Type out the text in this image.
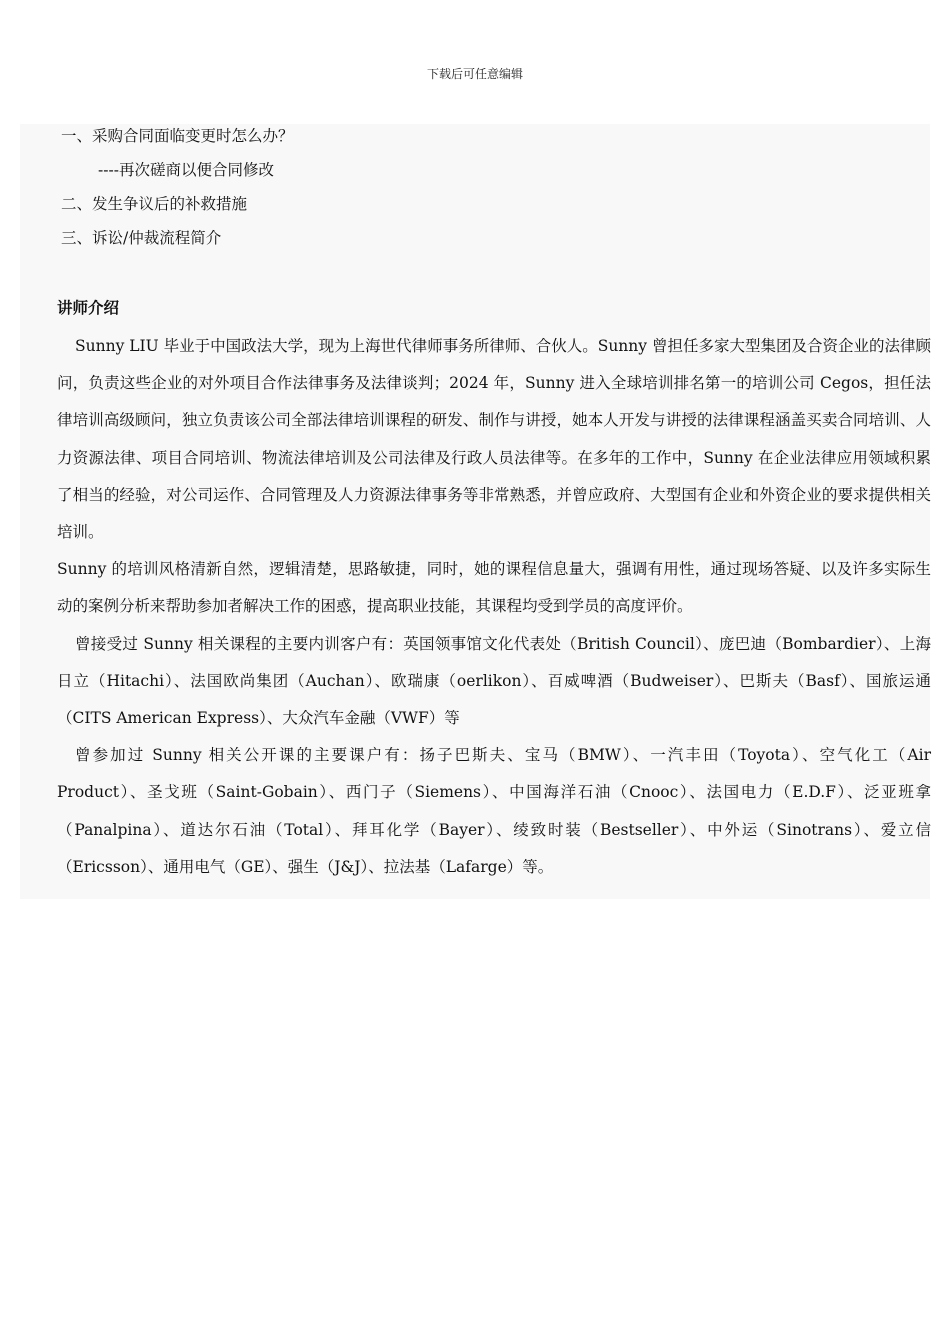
下载后可任意编辑
一、采购合同面临变更时怎么办？
----再次磋商以便合同修改
二、发生争议后的补救措施
三、诉讼/仲裁流程简介
讲师介绍

Sunny LIU 毕业于中国政法大学，现为上海世代律师事务所律师、合伙人。Sunny 曾担任多家大型集团及合资企业的法律顾问，负责这些企业的对外项目合作法律事务及法律谈判；2024 年，Sunny 进入全球培训排名第一的培训公司 Cegos，担任法律培训高级顾问，独立负责该公司全部法律培训课程的研发、制作与讲授，她本人开发与讲授的法律课程涵盖买卖合同培训、人力资源法律、项目合同培训、物流法律培训及公司法律及行政人员法律等。在多年的工作中，Sunny 在企业法律应用领域积累了相当的经验，对公司运作、合同管理及人力资源法律事务等非常熟悉，并曾应政府、大型国有企业和外资企业的要求提供相关培训。

Sunny 的培训风格清新自然，逻辑清楚，思路敏捷，同时，她的课程信息量大，强调有用性，通过现场答疑、以及许多实际生动的案例分析来帮助参加者解决工作的困惑，提高职业技能，其课程均受到学员的高度评价。

曾接受过 Sunny 相关课程的主要内训客户有：英国领事馆文化代表处（British Council）、庞巴迪（Bombardier）、上海日立（Hitachi）、法国欧尚集团（Auchan）、欧瑞康（oerlikon）、百威啤酒（Budweiser）、巴斯夫（Basf）、国旅运通（CITS American Express）、大众汽车金融（VWF）等

曾参加过 Sunny 相关公开课的主要课户有：扬子巴斯夫、宝马（BMW）、一汽丰田（Toyota）、空气化工（Air Product）、圣戈班（Saint-Gobain）、西门子（Siemens）、中国海洋石油（Cnooc）、法国电力（E.D.F）、泛亚班拿（Panalpina）、道达尔石油（Total）、拜耳化学（Bayer）、绫致时装（Bestseller）、中外运（Sinotrans）、爱立信（Ericsson）、通用电气（GE）、强生（J&J）、拉法基（Lafarge）等。
